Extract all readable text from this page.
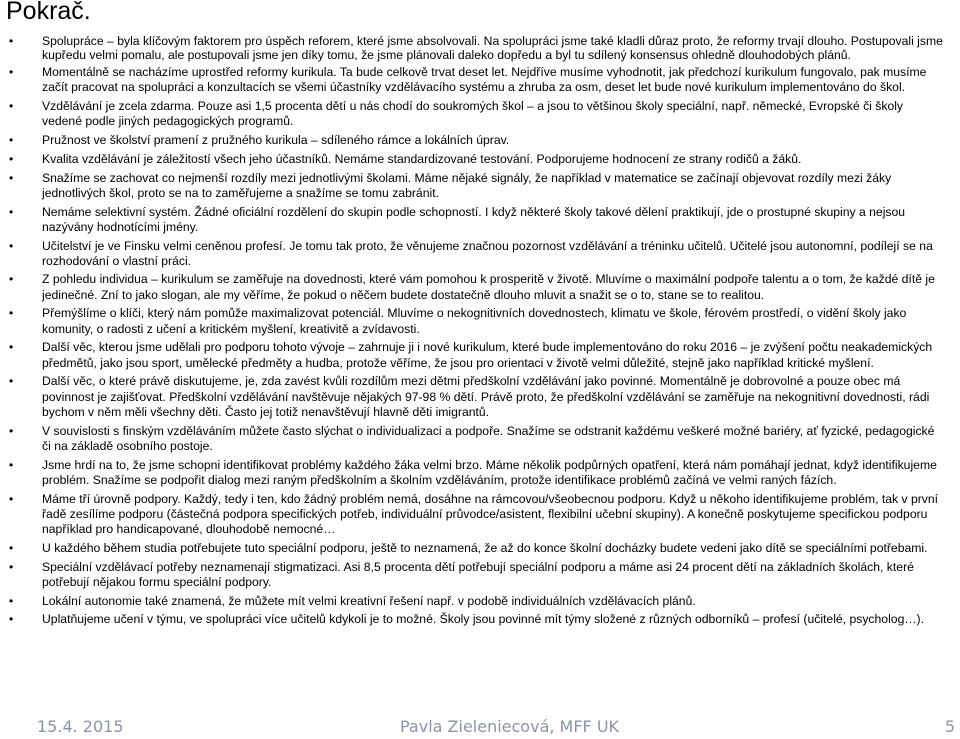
Pokrač.
• Spolupráce – byla klíčovým faktorem pro úspěch reforem, které jsme absolvovali. Na spolupráci jsme také kladli důraz proto, že reformy trvají dlouho. Postupovali jsme kupředu velmi pomalu, ale postupovali jsme jen díky tomu, že jsme plánovali daleko dopředu a byl tu sdílený konsensus ohledně dlouhodobých plánů.
• Momentálně se nacházíme uprostřed reformy kurikula. Ta bude celkově trvat deset let. Nejdříve musíme vyhodnotit, jak předchozí kurikulum fungovalo, pak musíme začít pracovat na spolupráci a konzultacích se všemi účastníky vzdělávacího systému a zhruba za osm, deset let bude nové kurikulum implementováno do škol.
• Vzdělávání je zcela zdarma. Pouze asi 1,5 procenta dětí u nás chodí do soukromých škol – a jsou to většinou školy speciální, např. německé, Evropské či školy vedené podle jiných pedagogických programů.
• Pružnost ve školství pramení z pružného kurikula – sdíleného rámce a lokálních úprav.
• Kvalita vzdělávání je záležitostí všech jeho účastníků. Nemáme standardizované testování. Podporujeme hodnocení ze strany rodičů a žáků.
• Snažíme se zachovat co nejmenší rozdíly mezi jednotlivými školami. Máme nějaké signály, že například v matematice se začínají objevovat rozdíly mezi žáky jednotlivých škol, proto se na to zaměřujeme a snažíme se tomu zabránit.
• Nemáme selektivní systém. Žádné oficiální rozdělení do skupin podle schopností. I když některé školy takové dělení praktikují, jde o prostupné skupiny a nejsou nazývány hodnotícími jmény.
• Učitelství je ve Finsku velmi ceněnou profesí. Je tomu tak proto, že věnujeme značnou pozornost vzdělávání a tréninku učitelů. Učitelé jsou autonomní, podílejí se na rozhodování o vlastní práci.
• Z pohledu individua – kurikulum se zaměřuje na dovednosti, které vám pomohou k prosperitě v životě. Mluvíme o maximální podpoře talentu a o tom, že každé dítě je jedinečné. Zní to jako slogan, ale my věříme, že pokud o něčem budete dostatečně dlouho mluvit a snažit se o to, stane se to realitou.
• Přemýšlíme o klíči, který nám pomůže maximalizovat potenciál. Mluvíme o nekognitivních dovednostech, klimatu ve škole, férovém prostředí, o vidění školy jako komunity, o radosti z učení a kritickém myšlení, kreativitě a zvídavosti.
• Další věc, kterou jsme udělali pro podporu tohoto vývoje – zahrnuje ji i nové kurikulum, které bude implementováno do roku 2016 – je zvýšení počtu neakademických předmětů, jako jsou sport, umělecké předměty a hudba, protože věříme, že jsou pro orientaci v životě velmi důležité, stejně jako například kritické myšlení.
• Další věc, o které právě diskutujeme, je, zda zavést kvůli rozdílům mezi dětmi předškolní vzdělávání jako povinné. Momentálně je dobrovolné a pouze obec má povinnost je zajišťovat. Předškolní vzdělávání navštěvuje nějakých 97-98 % dětí. Právě proto, že předškolní vzdělávání se zaměřuje na nekognitivní dovednosti, rádi bychom v něm měli všechny děti. Často jej totiž nenavštěvují hlavně děti imigrantů.
• V souvislosti s finským vzděláváním můžete často slýchat o individualizaci a podpoře. Snažíme se odstranit každému veškeré možné bariéry, ať fyzické, pedagogické či na základě osobního postoje.
• Jsme hrdí na to, že jsme schopni identifikovat problémy každého žáka velmi brzo. Máme několik podpůrných opatření, která nám pomáhají jednat, když identifikujeme problém. Snažíme se podpořit dialog mezi raným předškolním a školním vzděláváním, protože identifikace problémů začíná ve velmi raných fázích.
• Máme tří úrovně podpory. Každý, tedy i ten, kdo žádný problém nemá, dosáhne na rámcovou/všeobecnou podporu. Když u někoho identifikujeme problém, tak v první řadě zesílíme podporu (částečná podpora specifických potřeb, individuální průvodce/asistent, flexibilní učební skupiny). A konečně poskytujeme specifickou podporu například pro handicapované, dlouhodobě nemocné…
• U každého během studia potřebujete tuto speciální podporu, ještě to neznamená, že až do konce školní docházky budete vedeni jako dítě se speciálními potřebami.
• Speciální vzdělávací potřeby neznamenají stigmatizaci. Asi 8,5 procenta dětí potřebují speciální podporu a máme asi 24 procent dětí na základních školách, které potřebují nějakou formu speciální podpory.
• Lokální autonomie také znamená, že můžete mít velmi kreativní řešení např. v podobě individuálních vzdělávacích plánů.
• Uplatňujeme učení v týmu, ve spolupráci více učitelů kdykoli je to možné. Školy jsou povinné mít týmy složené z různých odborníků – profesí (učitelé, psycholog…).
15.4. 2015	Pavla Zieleniecová, MFF UK	5
